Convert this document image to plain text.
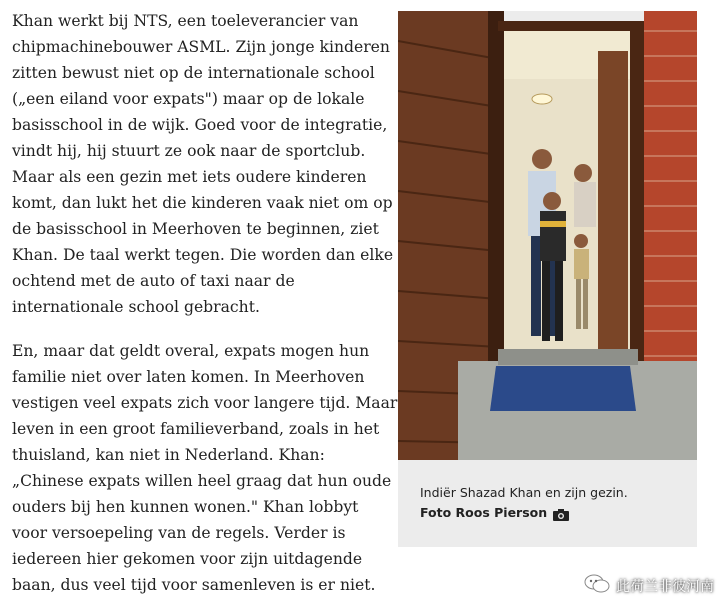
Khan werkt bij NTS, een toeleverancier van
chipmachinebouwer ASML. Zijn jonge kinderen
zitten bewust niet op de internationale school
(„een eiland voor expats") maar op de lokale
basisschool in de wijk. Goed voor de integratie,
vindt hij, hij stuurt ze ook naar de sportclub.
Maar als een gezin met iets oudere kinderen
komt, dan lukt het die kinderen vaak niet om op
de basisschool in Meerhoven te beginnen, ziet
Khan. De taal werkt tegen. Die worden dan elke
ochtend met de auto of taxi naar de
internationale school gebracht.

En, maar dat geldt overal, expats mogen hun
familie niet over laten komen. In Meerhoven
vestigen veel expats zich voor langere tijd. Maar
leven in een groot familieverband, zoals in het
thuisland, kan niet in Nederland. Khan:
„Chinese expats willen heel graag dat hun oude
ouders bij hen kunnen wonen." Khan lobbyt
voor versoepeling van de regels. Verder is
iedereen hier gekomen voor zijn uitdagende
baan, dus veel tijd voor samenleven is er niet.

Indiër Shazad Khan en zijn gezin.
Foto Roos Pierson
此荷兰非彼河南
